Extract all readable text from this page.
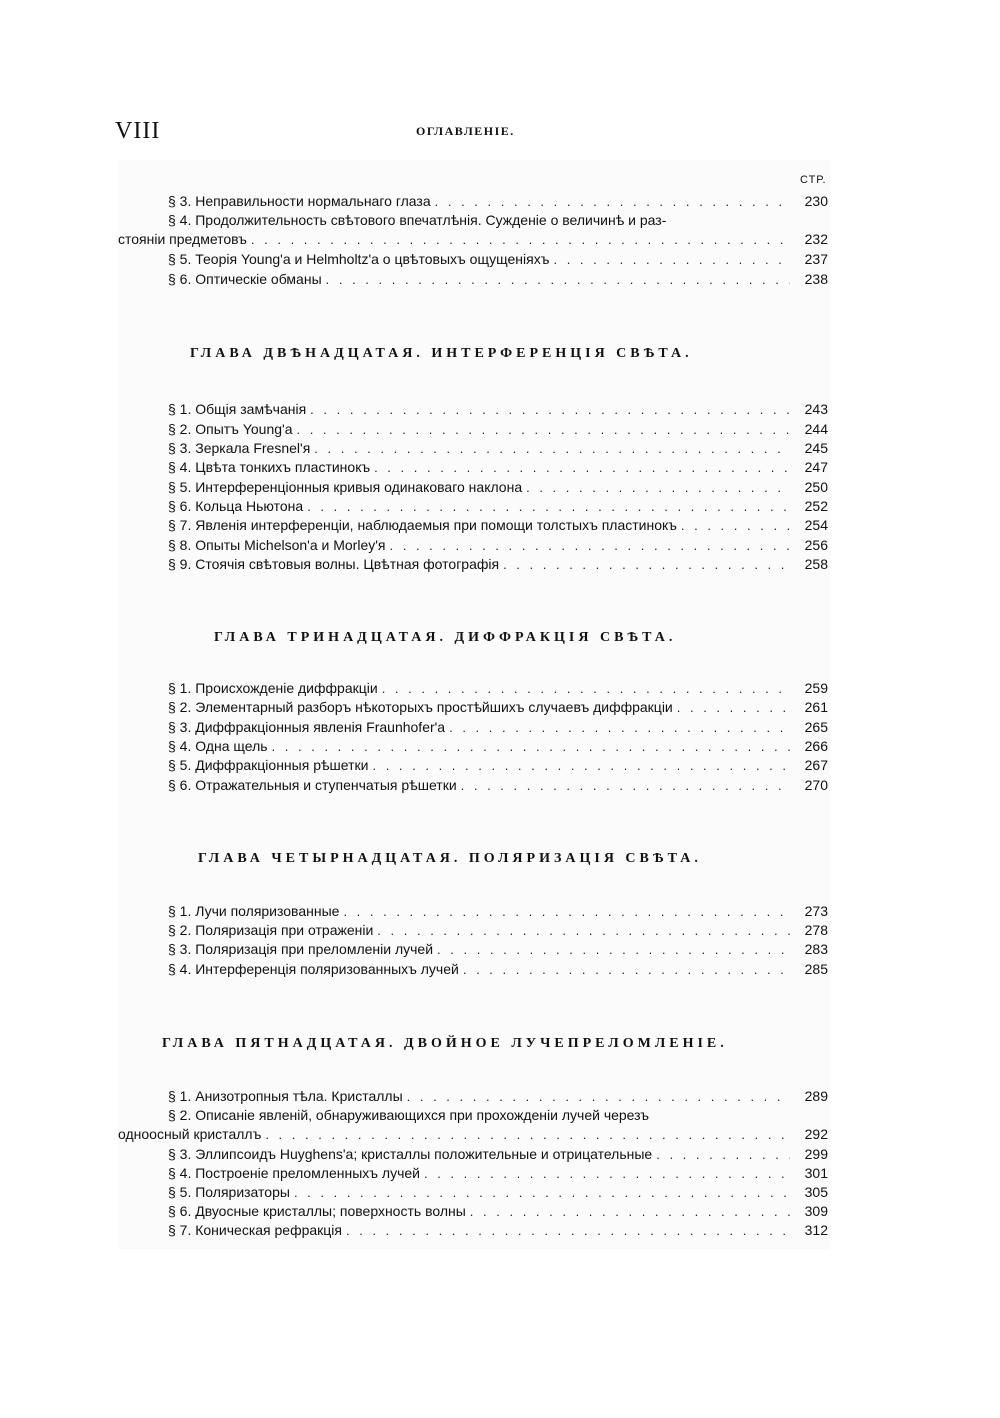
VIII	ОГЛАВЛЕНIE.
СТР.
§ 3. Неправильности нормальнаго глаза . . .	230
§ 4. Продолжительность свѣтового впечатлѣнія. Сужденіе о величинѣ и раз-
стояніи предметовъ . . .	232
§ 5. Теорія Young'a и Helmholtz'a о цвѣтовыхъ ощущеніяхъ . . .	237
§ 6. Оптическіе обманы . . .	238
ГЛАВА ДВѢНАДЦАТАЯ. ИНТЕРФЕРЕНЦІЯ СВѢТА.
§ 1. Общія замѣчанія . . .	243
§ 2. Опытъ Young'а . . .	244
§ 3. Зеркала Fresnel'я . . .	245
§ 4. Цвѣта тонкихъ пластинокъ . . .	247
§ 5. Интерференціонныя кривыя одинаковаго наклона . . .	250
§ 6. Кольца Ньютона . . .	252
§ 7. Явленія интерференціи, наблюдаемыя при помощи толстыхъ пластинокъ . . .	254
§ 8. Опыты Michelson'a и Morley'я . . .	256
§ 9. Стоячія свѣтовыя волны. Цвѣтная фотографія . . .	258
ГЛАВА ТРИНАДЦАТАЯ. ДИФФРАКЦІЯ СВѢТА.
§ 1. Происхожденіе диффракціи . . .	259
§ 2. Элементарный разборъ нѣкоторыхъ простѣйшихъ случаевъ диффракціи . . .	261
§ 3. Диффракціонныя явленія Fraunhofer'a . . .	265
§ 4. Одна щель . . .	266
§ 5. Диффракціонныя рѣшетки . . .	267
§ 6. Отражательныя и ступенчатыя рѣшетки . . .	270
ГЛАВА ЧЕТЫРНАДЦАТАЯ. ПОЛЯРИЗАЦІЯ СВѢТА.
§ 1. Лучи поляризованные . . .	273
§ 2. Поляризація при отраженіи . . .	278
§ 3. Поляризація при преломленіи лучей . . .	283
§ 4. Интерференція поляризованныхъ лучей . . .	285
ГЛАВА ПЯТНАДЦАТАЯ. ДВОЙНОЕ ЛУЧЕПРЕЛОМЛЕНІЕ.
§ 1. Анизотропныя тѣла. Кристаллы . . .	289
§ 2. Описаніе явленій, обнаруживающихся при прохожденіи лучей черезъ
одноосный кристаллъ . . .	292
§ 3. Эллипсоидъ Huyghens'a; кристаллы положительные и отрицательные . . .	299
§ 4. Построеніе преломленныхъ лучей . . .	301
§ 5. Поляризаторы . . .	305
§ 6. Двуосные кристаллы; поверхность волны . . .	309
§ 7. Коническая рефракція . . .	312
